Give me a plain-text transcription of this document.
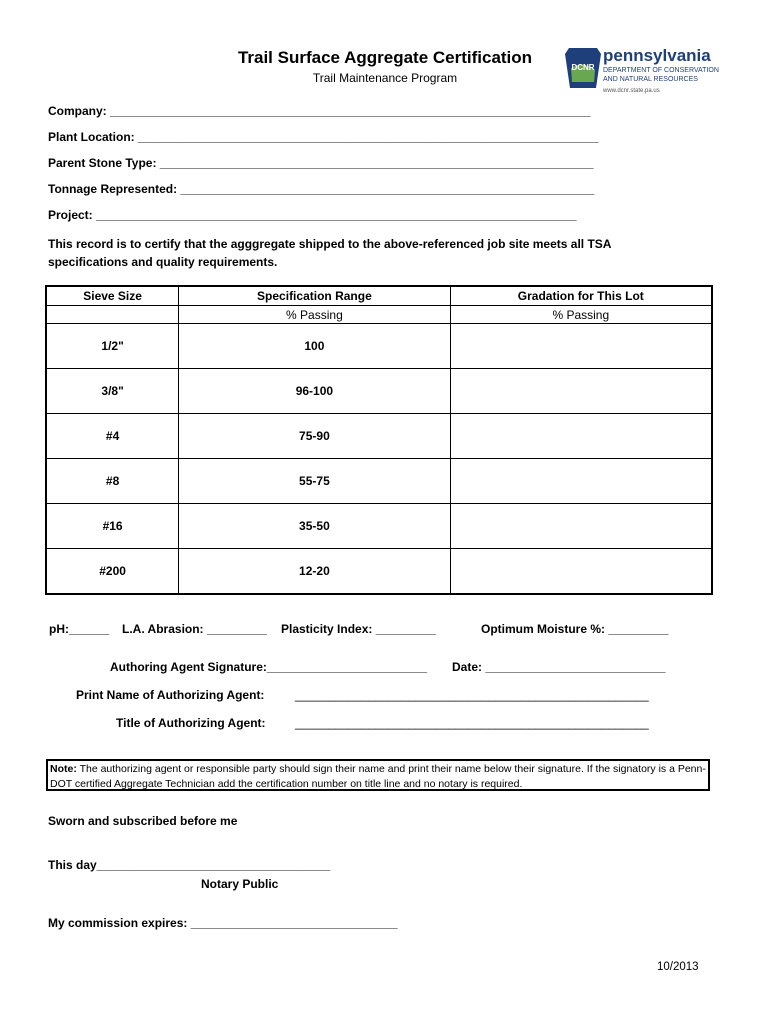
Trail Surface Aggregate Certification
Trail Maintenance Program
DCNR
pennsylvania
DEPARTMENT OF CONSERVATION
AND NATURAL RESOURCES
www.dcnr.state.pa.us
Company: ________________________________________________________________________
Plant Location: _____________________________________________________________________
Parent Stone Type: _________________________________________________________________
Tonnage Represented: ______________________________________________________________
Project: ________________________________________________________________________
This record is to certify that the agggregate shipped to the above-referenced job site meets all TSA specifications and quality requirements.
Sieve Size	Specification Range	Gradation for This Lot
	% Passing	% Passing
1/2"	100	
3/8"	96-100	
#4	75-90	
#8	55-75	
#16	35-50	
#200	12-20	
pH:______ L.A. Abrasion: _________ Plasticity Index: _________	Optimum Moisture %: _________
Authoring Agent Signature:________________________ Date: ___________________________
Print Name of Authorizing Agent:	_____________________________________________________
Title of Authorizing Agent: _____________________________________________________
Note: The authorizing agent or responsible party should sign their name and print their name below their signature. If the signatory is a Penn-DOT certified Aggregate Technician add the certification number on title line and no notary is required.
Sworn and subscribed before me
This day___________________________________
Notary Public
My commission expires: _______________________________
10/2013
